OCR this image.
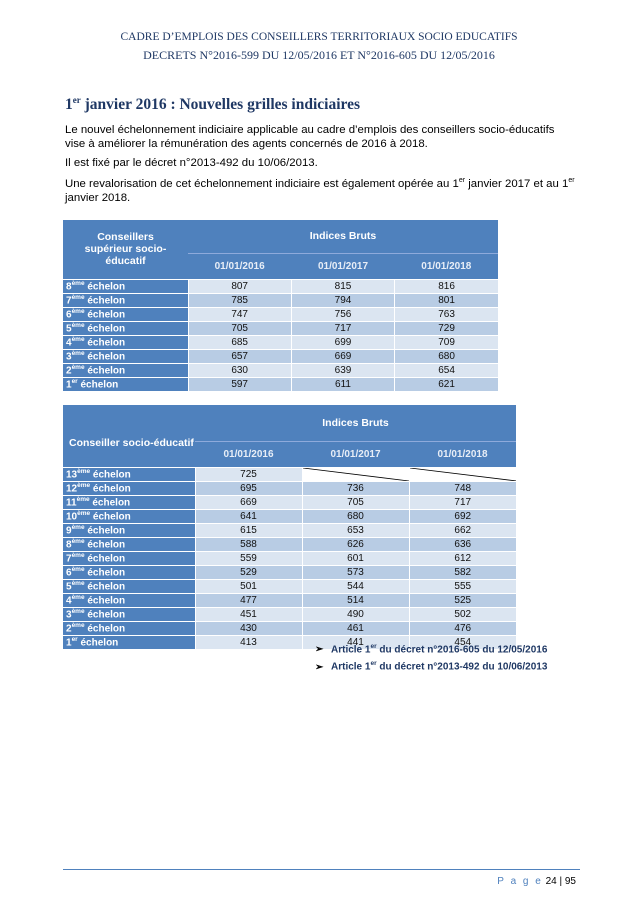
CADRE D’EMPLOIS DES CONSEILLERS TERRITORIAUX SOCIO EDUCATIFS
DECRETS N°2016-599 DU 12/05/2016 ET N°2016-605 DU 12/05/2016
1er janvier 2016 : Nouvelles grilles indiciaires
Le nouvel échelonnement indiciaire applicable au cadre d’emplois des conseillers socio-éducatifs vise à améliorer la rémunération des agents concernés de 2016 à 2018.
Il est fixé par le décret n°2013-492 du 10/06/2013.
Une revalorisation de cet échelonnement indiciaire est également opérée au 1er janvier 2017 et au 1er janvier 2018.
Conseillers supérieur socio-éducatif	Indices Bruts		
	01/01/2016	01/01/2017	01/01/2018
8ème échelon	807	815	816
7ème échelon	785	794	801
6ème échelon	747	756	763
5ème échelon	705	717	729
4ème échelon	685	699	709
3ème échelon	657	669	680
2ème échelon	630	639	654
1er échelon	597	611	621
Conseiller socio-éducatif	Indices Bruts		
	01/01/2016	01/01/2017	01/01/2018
13ème échelon	725	

12ème échelon	695	736	748
11ème échelon	669	705	717
10ème échelon	641	680	692
9ème échelon	615	653	662
8ème échelon	588	626	636
7ème échelon	559	601	612
6ème échelon	529	573	582
5ème échelon	501	544	555
4ème échelon	477	514	525
3ème échelon	451	490	502
2ème échelon	430	461	476
1er échelon	413	441	454
➢ Article 1er du décret n°2016-605 du 12/05/2016
➢ Article 1er du décret n°2013-492 du 10/06/2013
P a g e 24 | 95
